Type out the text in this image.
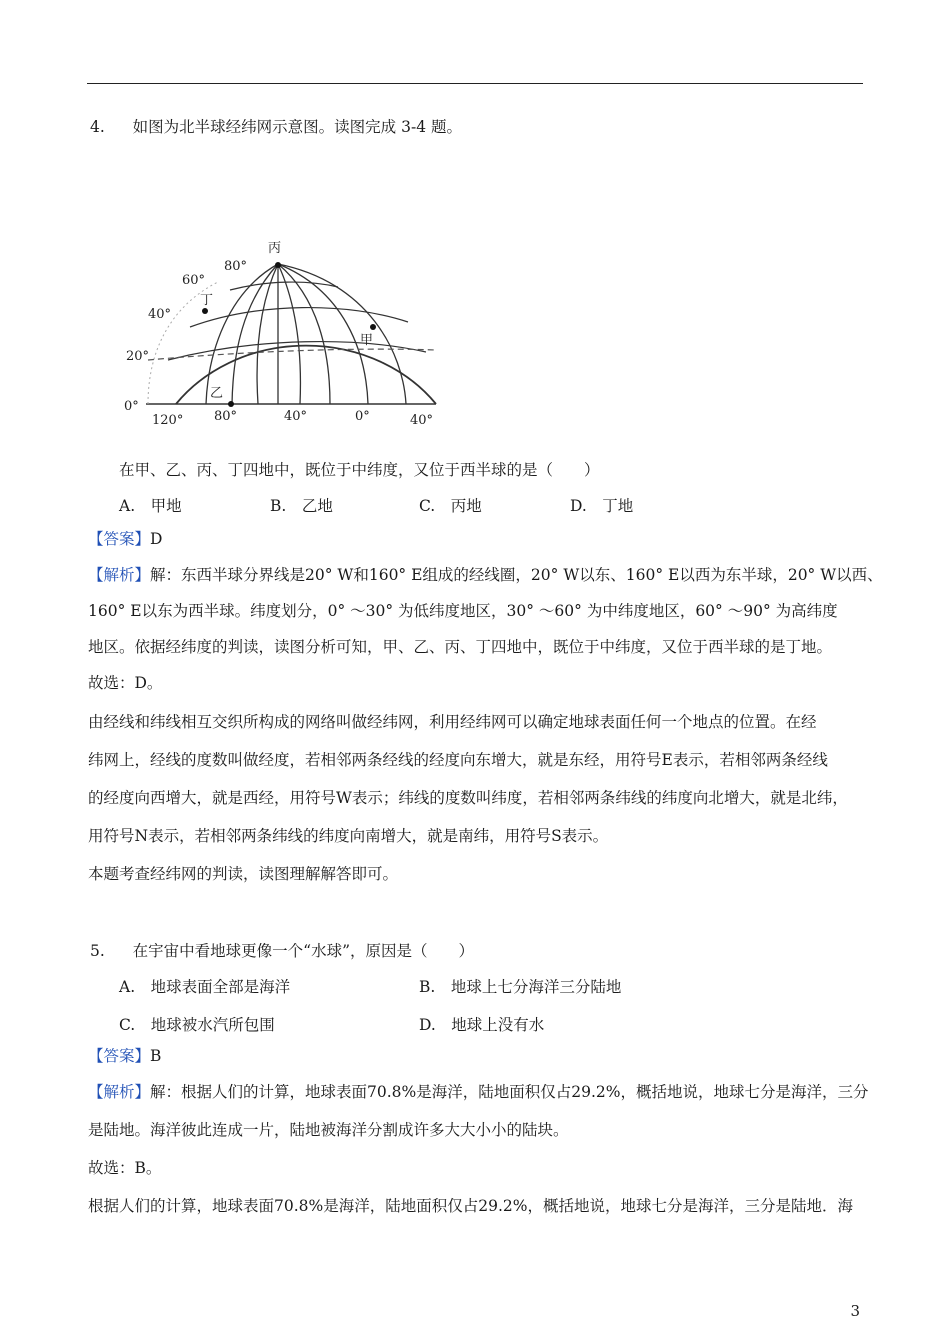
4. 如图为北半球经纬网示意图。读图完成 3-4 题。
80°
60°
40°
20°
0°
120° 80°	40°	0°	40°
丙
丁
甲
乙
在甲、乙、丙、丁四地中，既位于中纬度，又位于西半球的是（　　）
A.　甲地	B.　乙地	C.　丙地	D.　丁地
【答案】D
【解析】解：东西半球分界线是20° W和160° E组成的经线圈，20° W以东、160° E以西为东半球，20° W以西、
160° E以东为西半球。纬度划分，0° ～30° 为低纬度地区，30° ～60° 为中纬度地区，60° ～90° 为高纬度
地区。依据经纬度的判读，读图分析可知，甲、乙、丙、丁四地中，既位于中纬度，又位于西半球的是丁地。
故选：D。
由经线和纬线相互交织所构成的网络叫做经纬网，利用经纬网可以确定地球表面任何一个地点的位置。在经
纬网上，经线的度数叫做经度，若相邻两条经线的经度向东增大，就是东经，用符号E表示，若相邻两条经线
的经度向西增大，就是西经，用符号W表示；纬线的度数叫纬度，若相邻两条纬线的纬度向北增大，就是北纬，
用符号N表示，若相邻两条纬线的纬度向南增大，就是南纬，用符号S表示。
本题考查经纬网的判读，读图理解解答即可。
5. 在宇宙中看地球更像一个“水球”，原因是（　　）
A.　地球表面全部是海洋	B.　地球上七分海洋三分陆地
C.　地球被水汽所包围	D.　地球上没有水
【答案】B
【解析】解：根据人们的计算，地球表面70.8%是海洋，陆地面积仅占29.2%，概括地说，地球七分是海洋，三分
是陆地。海洋彼此连成一片，陆地被海洋分割成许多大大小小的陆块。
故选：B。
根据人们的计算，地球表面70.8%是海洋，陆地面积仅占29.2%，概括地说，地球七分是海洋，三分是陆地．海
3
